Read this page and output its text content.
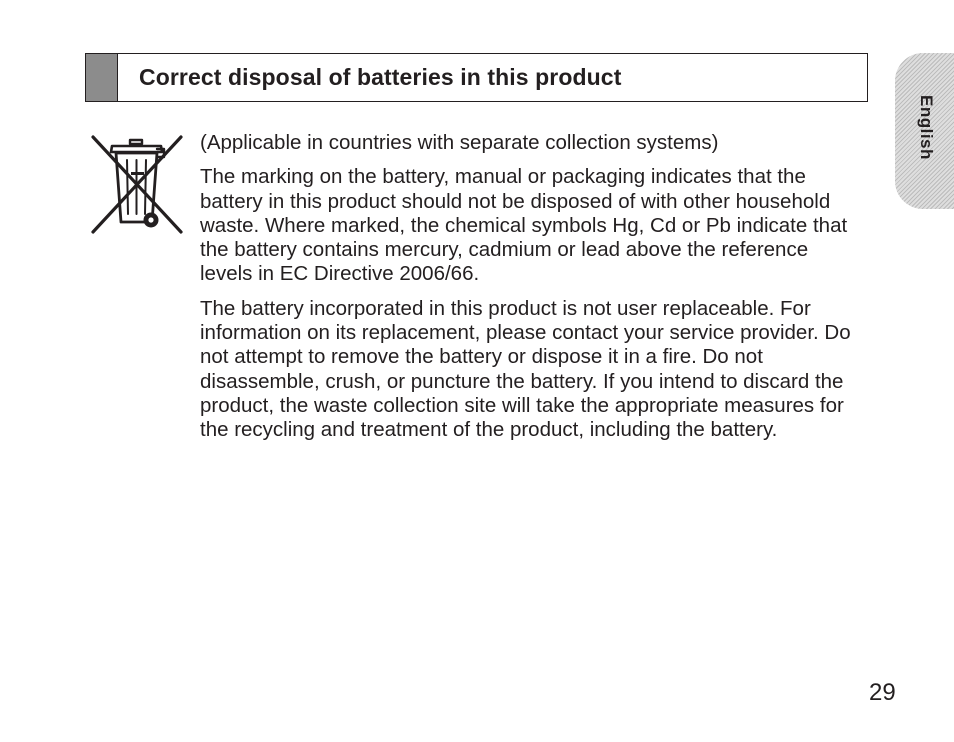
Correct disposal of batteries in this product
English

(Applicable in countries with separate collection systems)

The marking on the battery, manual or packaging indicates that the battery in this product should not be disposed of with other household waste. Where marked, the chemical symbols Hg, Cd or Pb indicate that the battery contains mercury, cadmium or lead above the reference levels in EC Directive 2006/66.

The battery incorporated in this product is not user replaceable. For information on its replacement, please contact your service provider. Do not attempt to remove the battery or dispose it in a fire. Do not disassemble, crush, or puncture the battery. If you intend to discard the product, the waste collection site will take the appropriate measures for the recycling and treatment of the product, including the battery.

29
